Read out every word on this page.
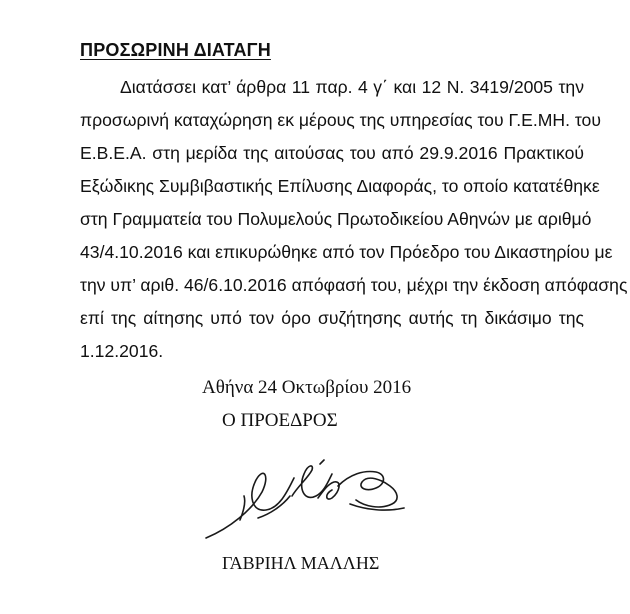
ΠΡΟΣΩΡΙΝΗ ΔΙΑΤΑΓΗ
Διατάσσει κατ’ άρθρα 11 παρ. 4 γ΄ και 12 Ν. 3419/2005 την
προσωρινή καταχώρηση εκ μέρους της υπηρεσίας του Γ.Ε.ΜΗ. του
Ε.Β.Ε.Α. στη μερίδα της αιτούσας του από 29.9.2016 Πρακτικού
Εξώδικης Συμβιβαστικής Επίλυσης Διαφοράς, το οποίο κατατέθηκε
στη Γραμματεία του Πολυμελούς Πρωτοδικείου Αθηνών με αριθμό
43/4.10.2016 και επικυρώθηκε από τον Πρόεδρο του Δικαστηρίου με
την υπ’ αριθ. 46/6.10.2016 απόφασή του, μέχρι την έκδοση απόφασης
επί της αίτησης υπό τον όρο συζήτησης αυτής τη δικάσιμο της
1.12.2016.
Αθήνα 24 Οκτωβρίου 2016
Ο ΠΡΟΕΔΡΟΣ
ΓΑΒΡΙΗΛ ΜΑΛΛΗΣ
